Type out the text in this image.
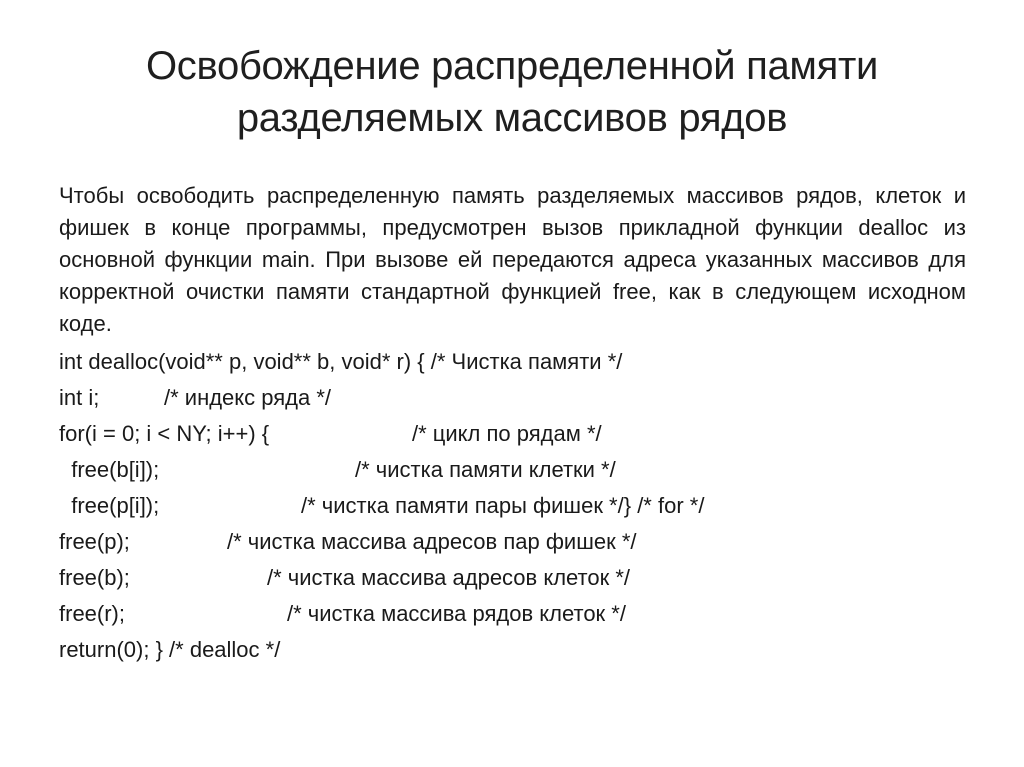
Освобождение распределенной памяти
разделяемых массивов рядов

Чтобы освободить распределенную память разделяемых массивов рядов, клеток и фишек в конце программы, предусмотрен вызов прикладной функции dealloc из основной функции main. При вызове ей передаются адреса указанных массивов для корректной очистки памяти стандартной функцией free, как в следующем исходном коде.

int dealloc(void** p, void** b, void* r) { /* Чистка памяти */

int i;

	/* индекс ряда */

for(i = 0; i < NY; i++) {

	/* цикл по рядам */

free(b[i]);

	/* чистка памяти клетки */

free(p[i]);

	/* чистка памяти пары фишек */} /* for */

free(p);

	/* чистка массива адресов пар фишек */

free(b);

	/* чистка массива адресов клеток */

free(r);

	/* чистка массива рядов клеток */

return(0); } /* dealloc */
